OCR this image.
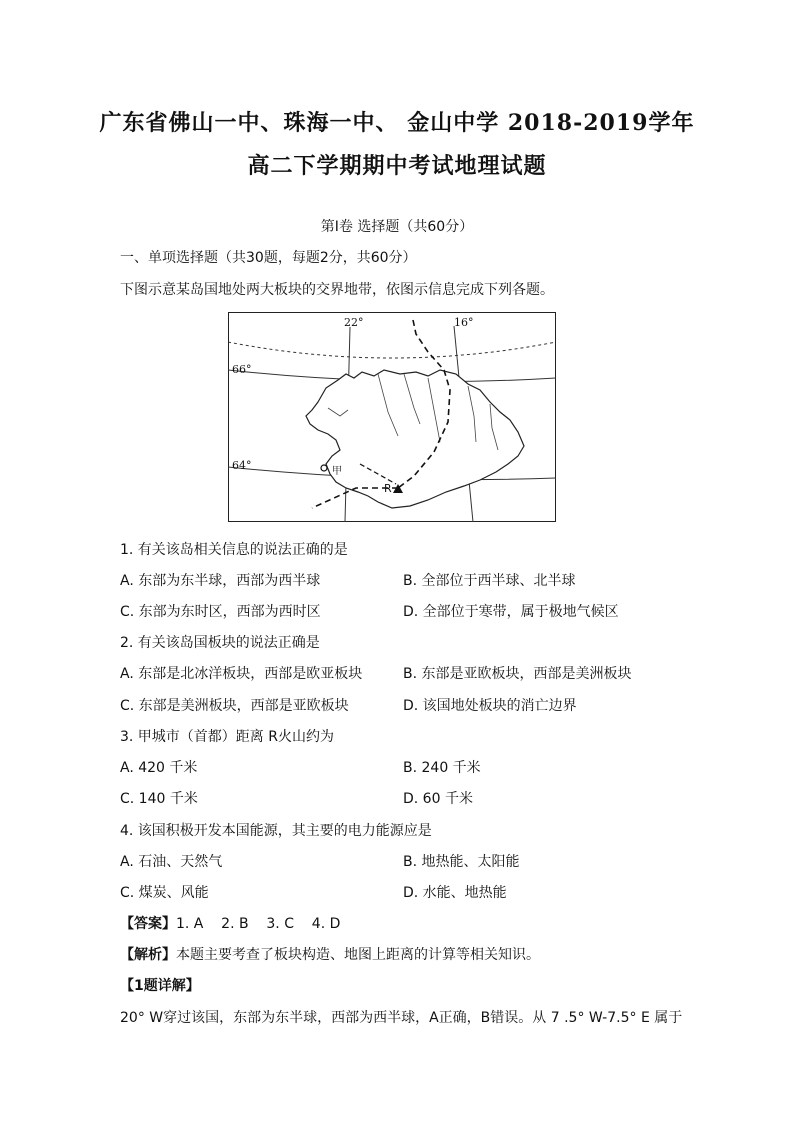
广东省佛山一中、珠海一中、 金山中学 2018-2019学年
高二下学期期中考试地理试题
第Ⅰ卷 选择题（共60分）
一、单项选择题（共30题，每题2分，共60分）
下图示意某岛国地处两大板块的交界地带，依图示信息完成下列各题。
22°	16°
66°
64°	甲
R
1. 有关该岛相关信息的说法正确的是
A. 东部为东半球，西部为西半球	B. 全部位于西半球、北半球
C. 东部为东时区，西部为西时区	D. 全部位于寒带，属于极地气候区
2. 有关该岛国板块的说法正确是
A. 东部是北冰洋板块，西部是欧亚板块	B. 东部是亚欧板块，西部是美洲板块
C. 东部是美洲板块，西部是亚欧板块	D. 该国地处板块的消亡边界
3. 甲城市（首都）距离 R火山约为
A. 420 千米	B. 240 千米
C. 140 千米	D. 60 千米
4. 该国积极开发本国能源，其主要的电力能源应是
A. 石油、天然气	B. 地热能、太阳能
C. 煤炭、风能	D. 水能、地热能
【答案】1. A    2. B    3. C    4. D
【解析】本题主要考查了板块构造、地图上距离的计算等相关知识。
【1题详解】
20° W穿过该国，东部为东半球，西部为西半球，A正确，B错误。从 7 .5° W-7.5° E 属于
